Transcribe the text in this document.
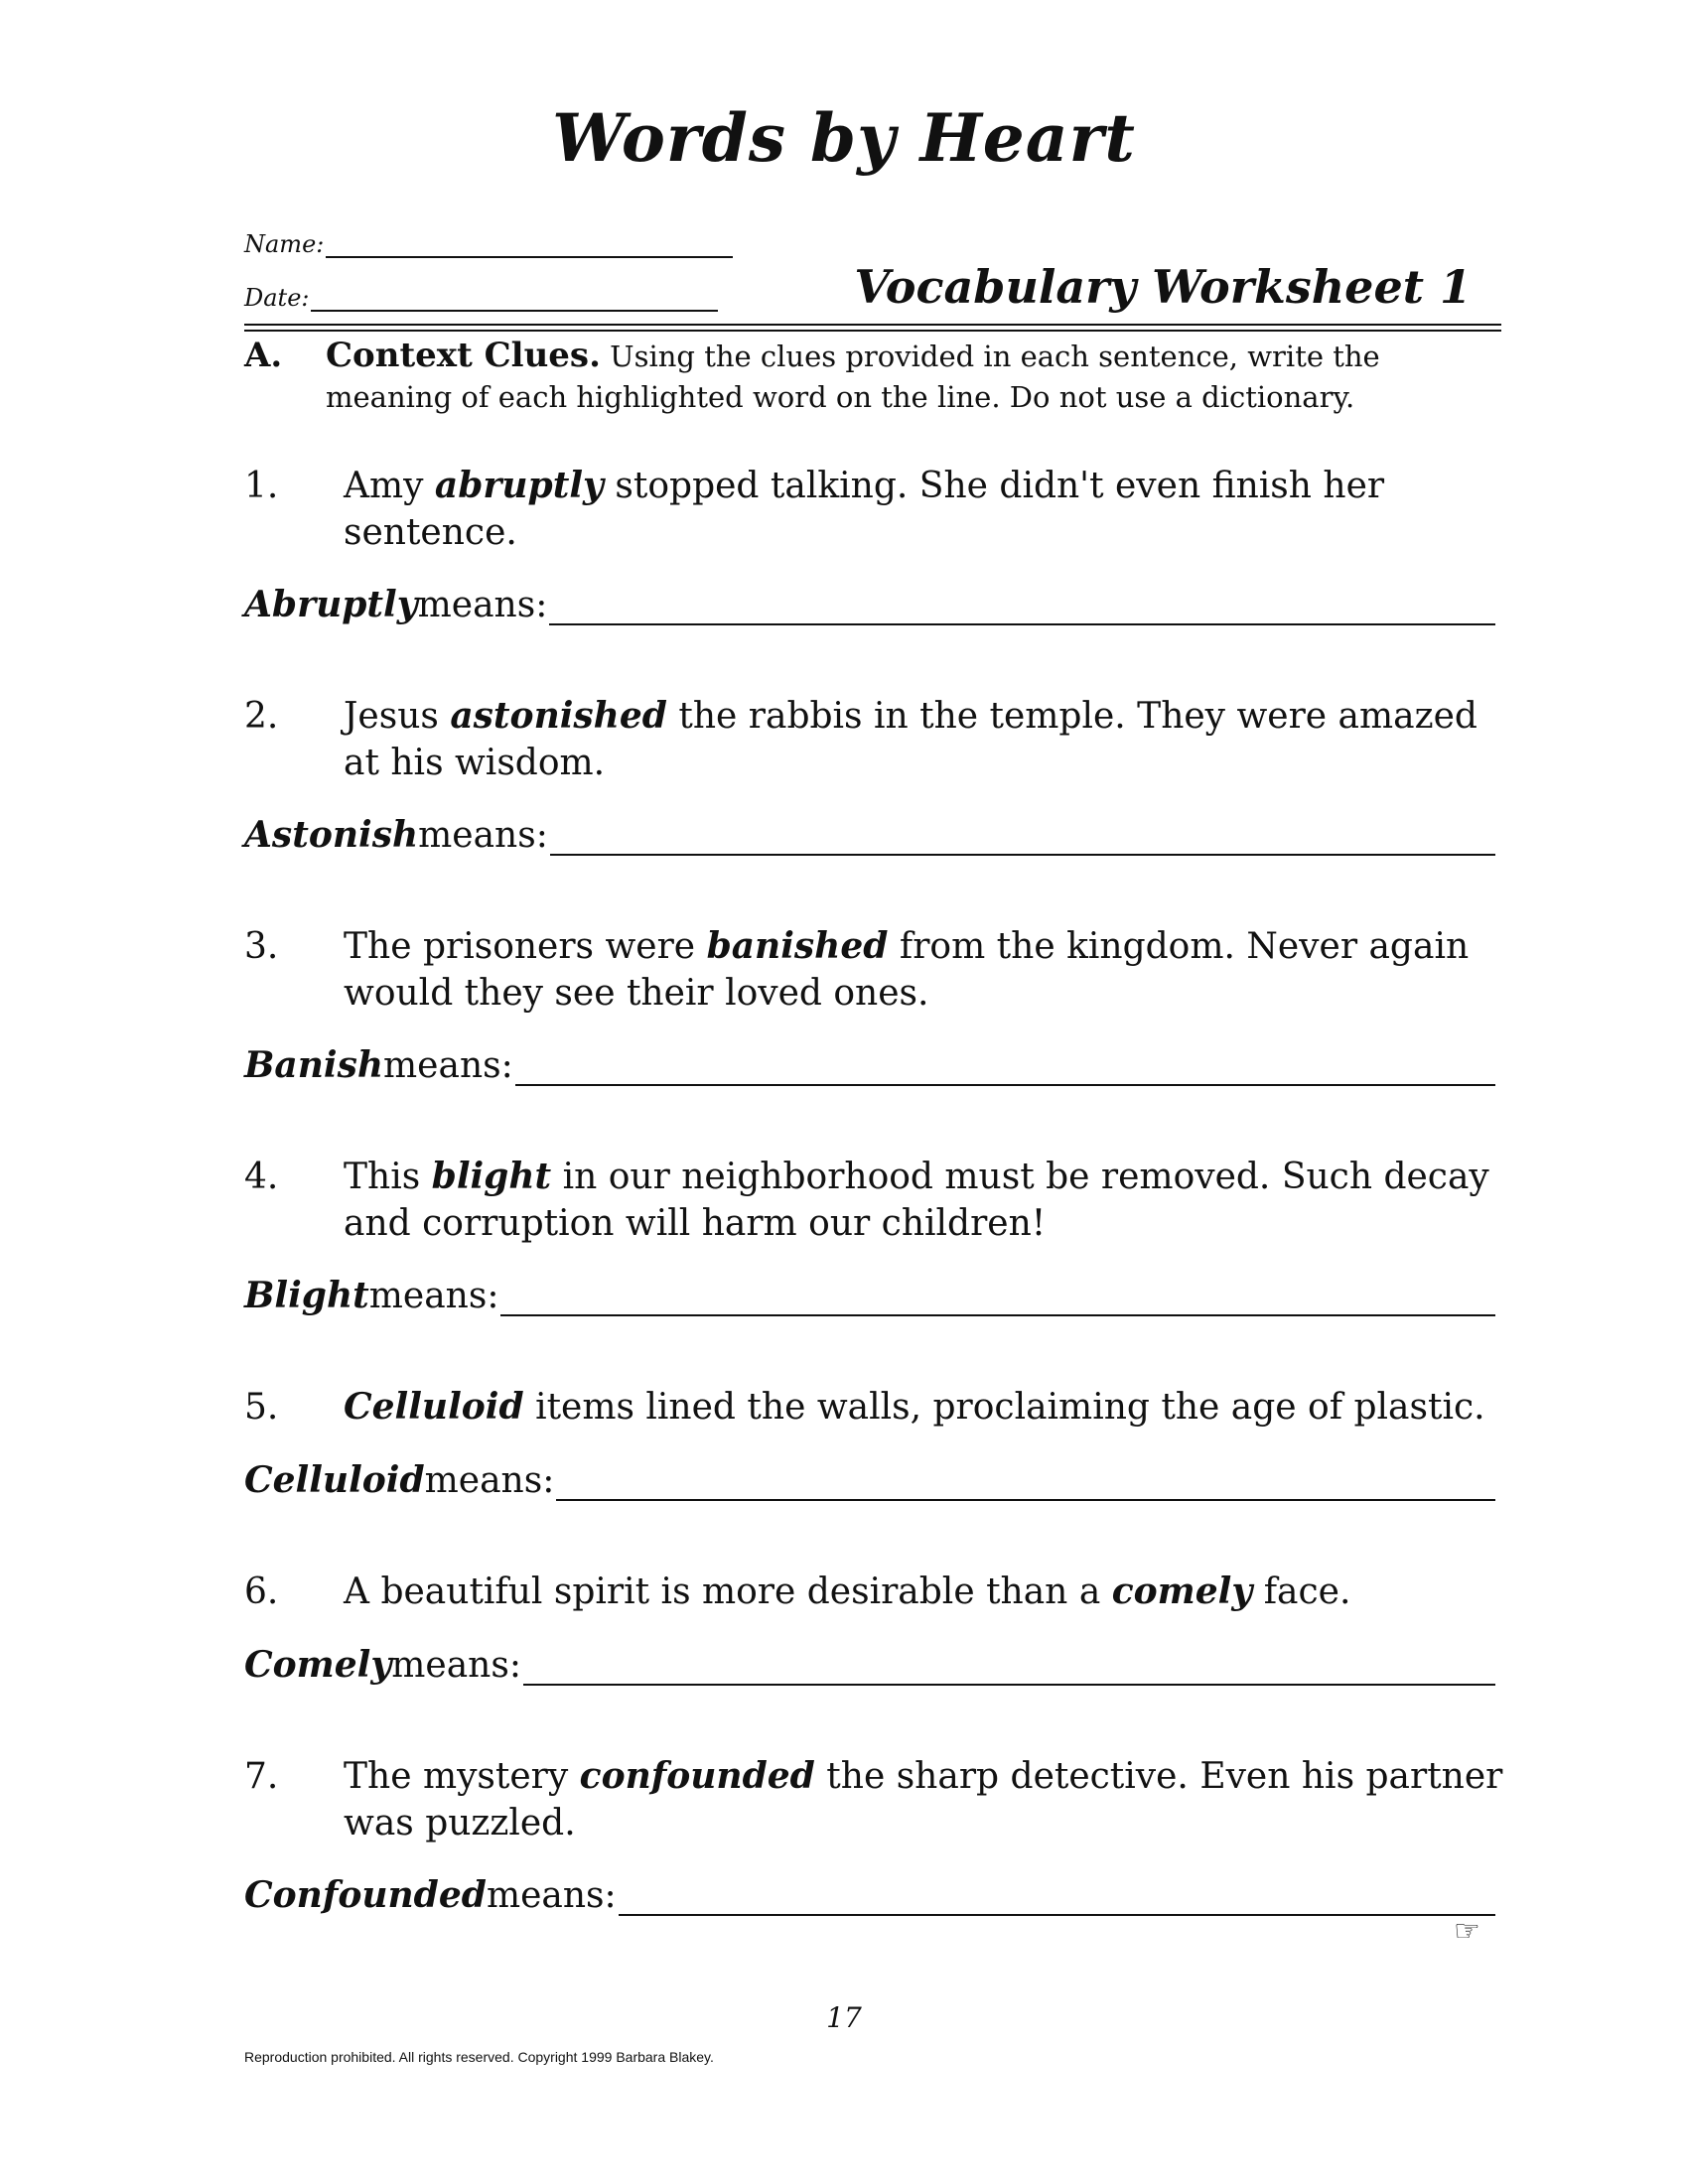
Words by Heart
Name:
Date:	Vocabulary Worksheet 1
A. Context Clues. Using the clues provided in each sentence, write the
meaning of each highlighted word on the line. Do not use a dictionary.
1. Amy abruptly stopped talking. She didn't even finish her sentence.
Abruptly means:
2. Jesus astonished the rabbis in the temple. They were amazed at his wisdom.
Astonish means:
3. The prisoners were banished from the kingdom. Never again would they see their loved ones.
Banish means:
4. This blight in our neighborhood must be removed. Such decay and corruption will harm our children!
Blight means:
5. Celluloid items lined the walls, proclaiming the age of plastic.
Celluloid means:
6. A beautiful spirit is more desirable than a comely face.
Comely means:
7. The mystery confounded the sharp detective. Even his partner was puzzled.
Confounded means:
☞
17
Reproduction prohibited. All rights reserved. Copyright 1999 Barbara Blakey.
